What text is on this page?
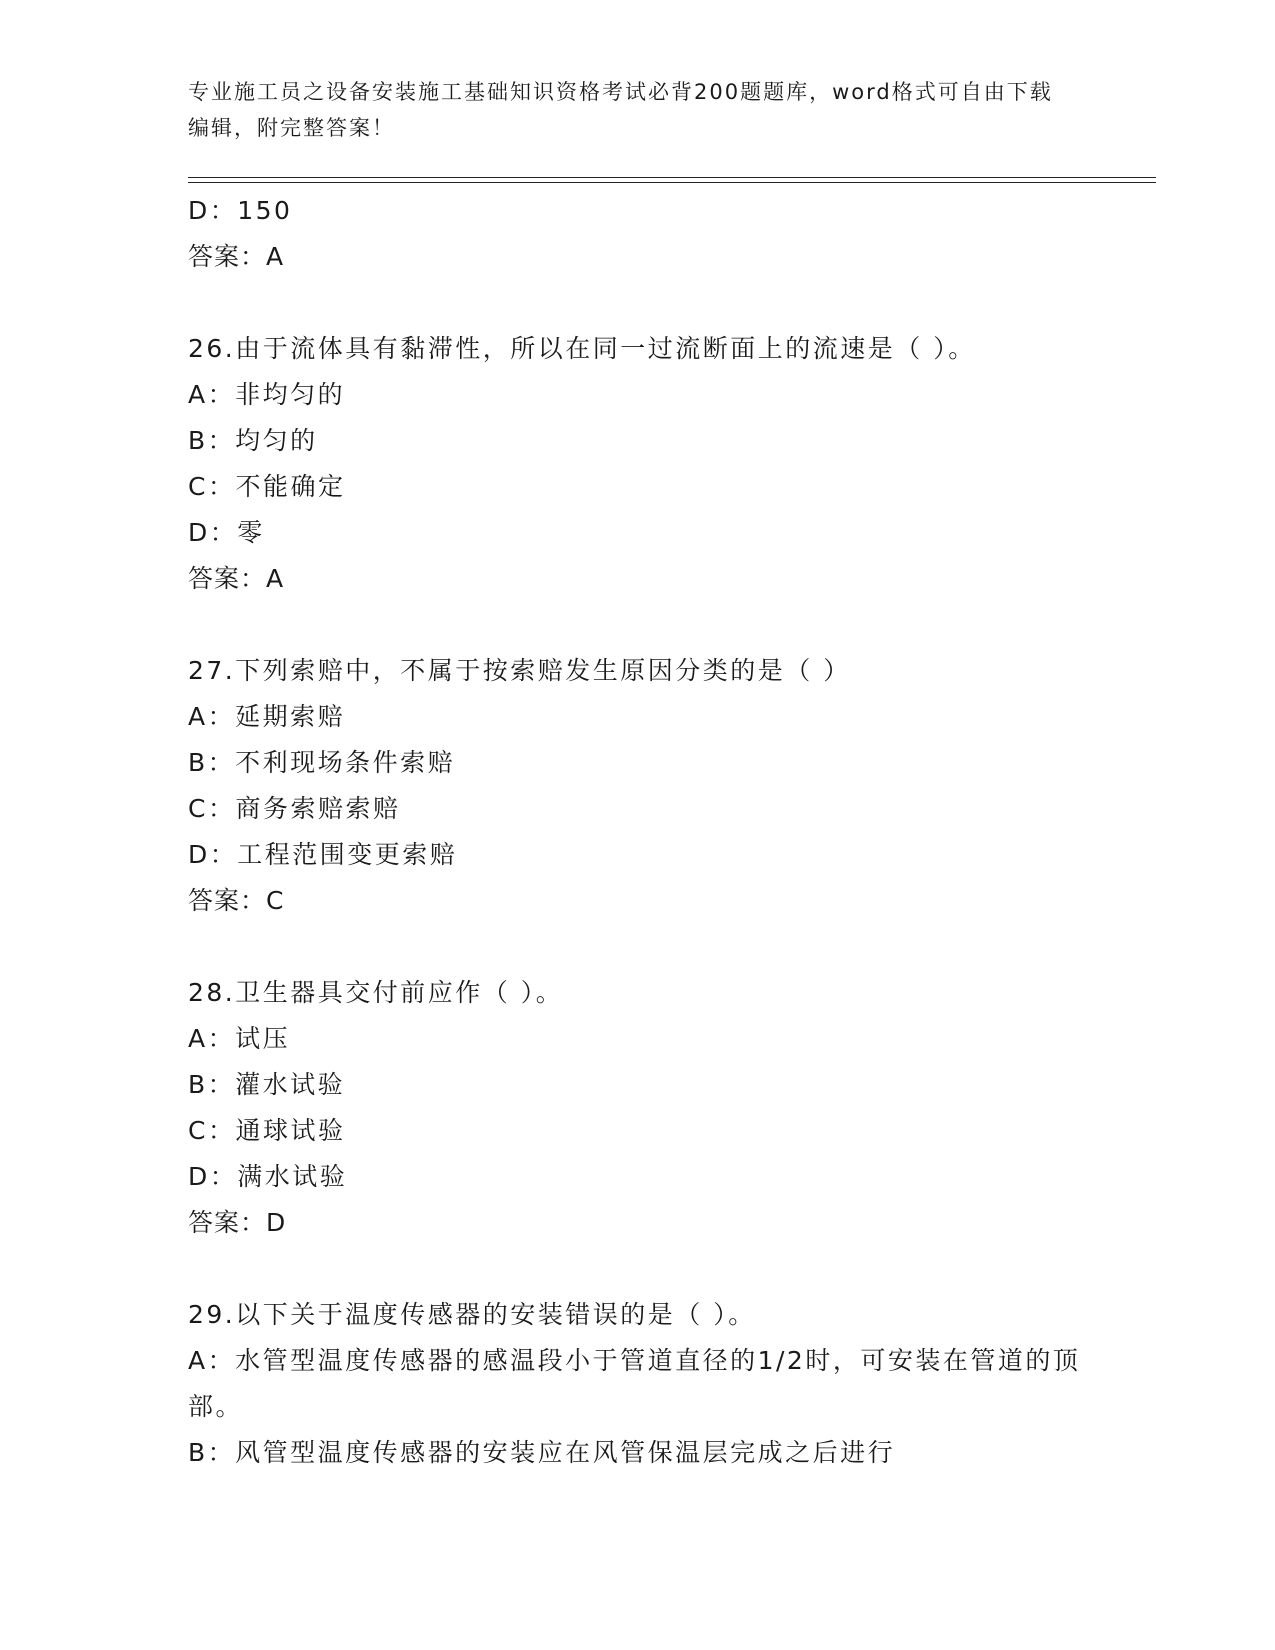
专业施工员之设备安装施工基础知识资格考试必背200题题库，word格式可自由下载编辑，附完整答案！
D：150
答案：A
26.由于流体具有黏滞性，所以在同一过流断面上的流速是（ ）。
A：非均匀的
B：均匀的
C：不能确定
D：零
答案：A
27.下列索赔中，不属于按索赔发生原因分类的是（ ）
A：延期索赔
B：不利现场条件索赔
C：商务索赔索赔
D：工程范围变更索赔
答案：C
28.卫生器具交付前应作（ ）。
A：试压
B：灌水试验
C：通球试验
D：满水试验
答案：D
29.以下关于温度传感器的安装错误的是（ ）。
A：水管型温度传感器的感温段小于管道直径的1/2时，可安装在管道的顶部。
B：风管型温度传感器的安装应在风管保温层完成之后进行
